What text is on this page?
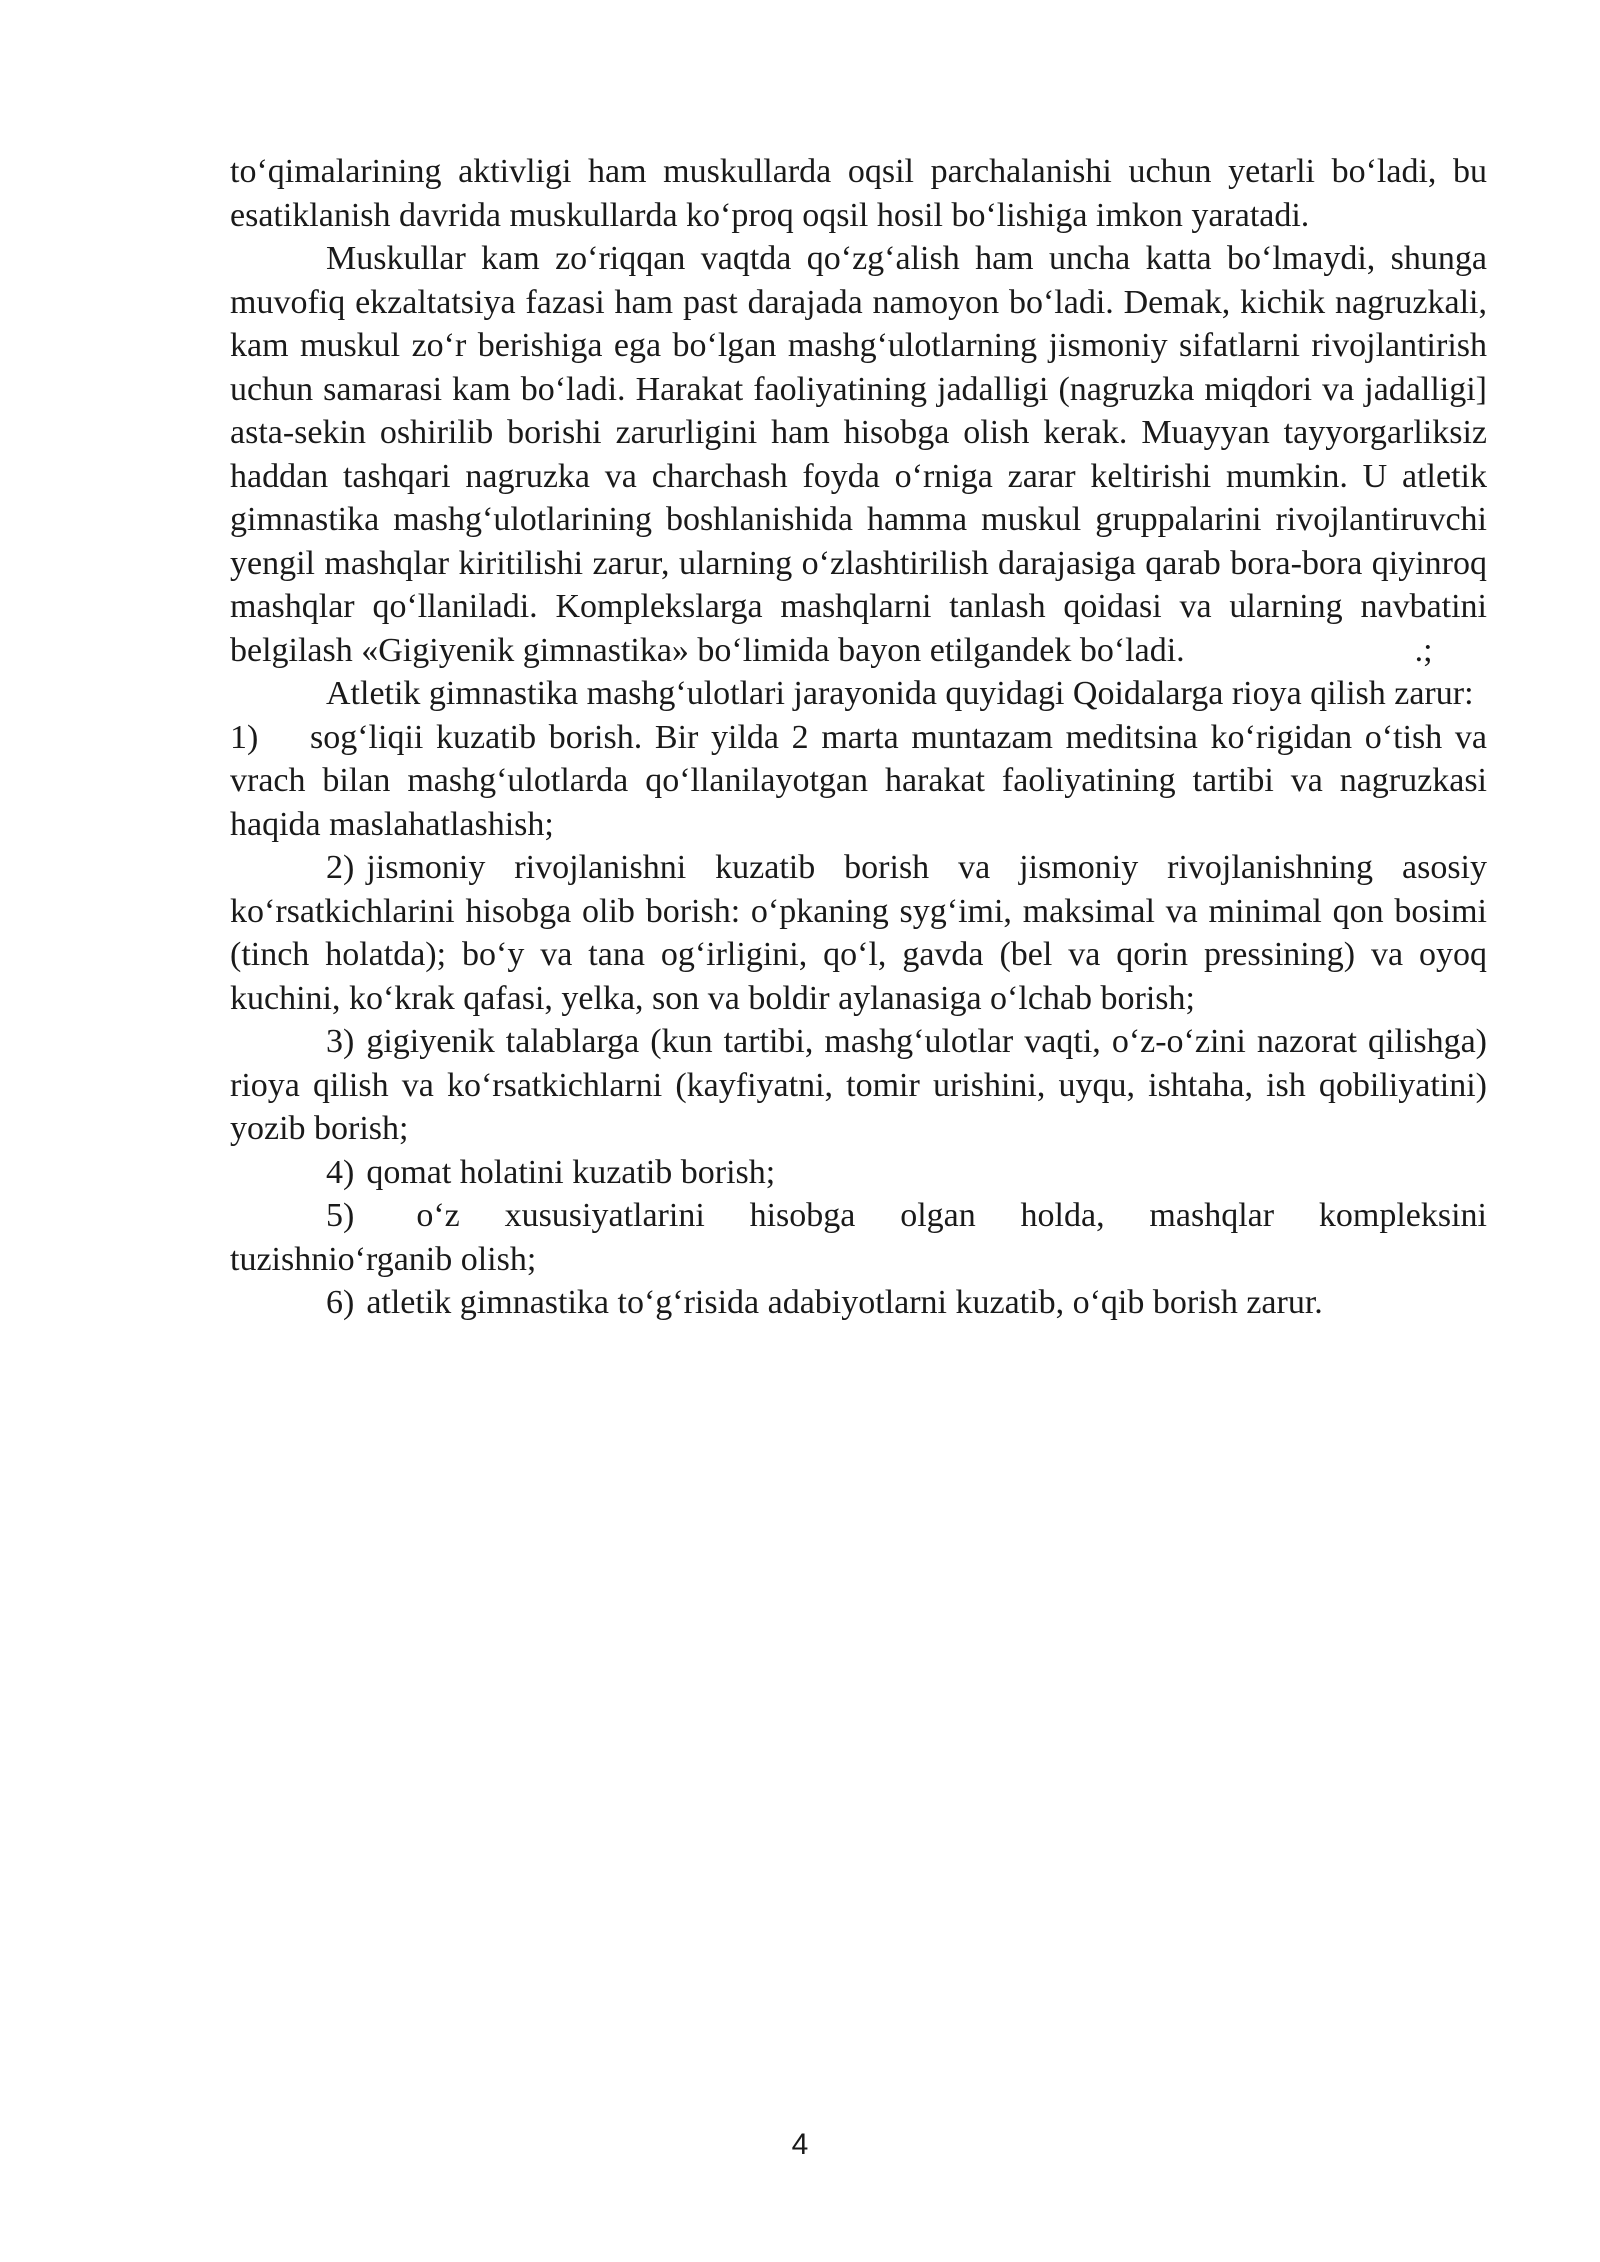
to‘qimalarining aktivligi ham muskullarda oqsil parchalanishi uchun yetarli bo‘ladi, bu esatiklanish davrida muskullarda ko‘proq oqsil hosil bo‘lishiga imkon yaratadi.

Muskullar kam zo‘riqqan vaqtda qo‘zg‘alish ham uncha katta bo‘lmaydi, shunga muvofiq ekzaltatsiya fazasi ham past darajada namoyon bo‘ladi. Demak, kichik nagruzkali, kam muskul zo‘r berishiga ega bo‘lgan mashg‘ulotlarning jismoniy sifatlarni rivojlantirish uchun samarasi kam bo‘ladi. Harakat faoliyatining jadalligi (nagruzka miqdori va jadalligi] asta-sekin oshirilib borishi zarurligini ham hisobga olish kerak. Muayyan tayyorgarliksiz haddan tashqari nagruzka va charchash foyda o‘rniga zarar keltirishi mumkin. U atletik gimnastika mashg‘ulotlarining boshlanishida hamma muskul gruppalarini rivojlantiruvchi yengil mashqlar kiritilishi zarur, ularning o‘zlashtirilish darajasiga qarab bora-bora qiyinroq mashqlar qo‘llaniladi. Komplekslarga mashqlarni tanlash qoidasi va ularning navbatini belgilash «Gigiyenik gimnastika» bo‘limida bayon etilgandek bo‘ladi.	.;

Atletik gimnastika mashg‘ulotlari jarayonida quyidagi Qoidalarga rioya qilish zarur:

1) sog‘liqii kuzatib borish. Bir yilda 2 marta muntazam meditsina ko‘rigidan o‘tish va vrach bilan mashg‘ulotlarda qo‘llanilayotgan harakat faoliyatining tartibi va nagruzkasi haqida maslahatlashish;

2) jismoniy rivojlanishni kuzatib borish va jismoniy rivojlanishning asosiy ko‘rsatkichlarini hisobga olib borish: o‘pkaning syg‘imi, maksimal va minimal qon bosimi (tinch holatda); bo‘y va tana og‘irligini, qo‘l, gavda (bel va qorin pressining) va oyoq kuchini, ko‘krak qafasi, yelka, son va boldir aylanasiga o‘lchab borish;

3) gigiyenik talablarga (kun tartibi, mashg‘ulotlar vaqti, o‘z-o‘zini nazorat qilishga) rioya qilish va ko‘rsatkichlarni (kayfiyatni, tomir urishini, uyqu, ishtaha, ish qobiliyatini) yozib borish;

4) qomat holatini kuzatib borish;

5) o‘z xususiyatlarini hisobga olgan holda, mashqlar kompleksini tuzishnio‘rganib olish;

6) atletik gimnastika to‘g‘risida adabiyotlarni kuzatib, o‘qib borish zarur.

4
